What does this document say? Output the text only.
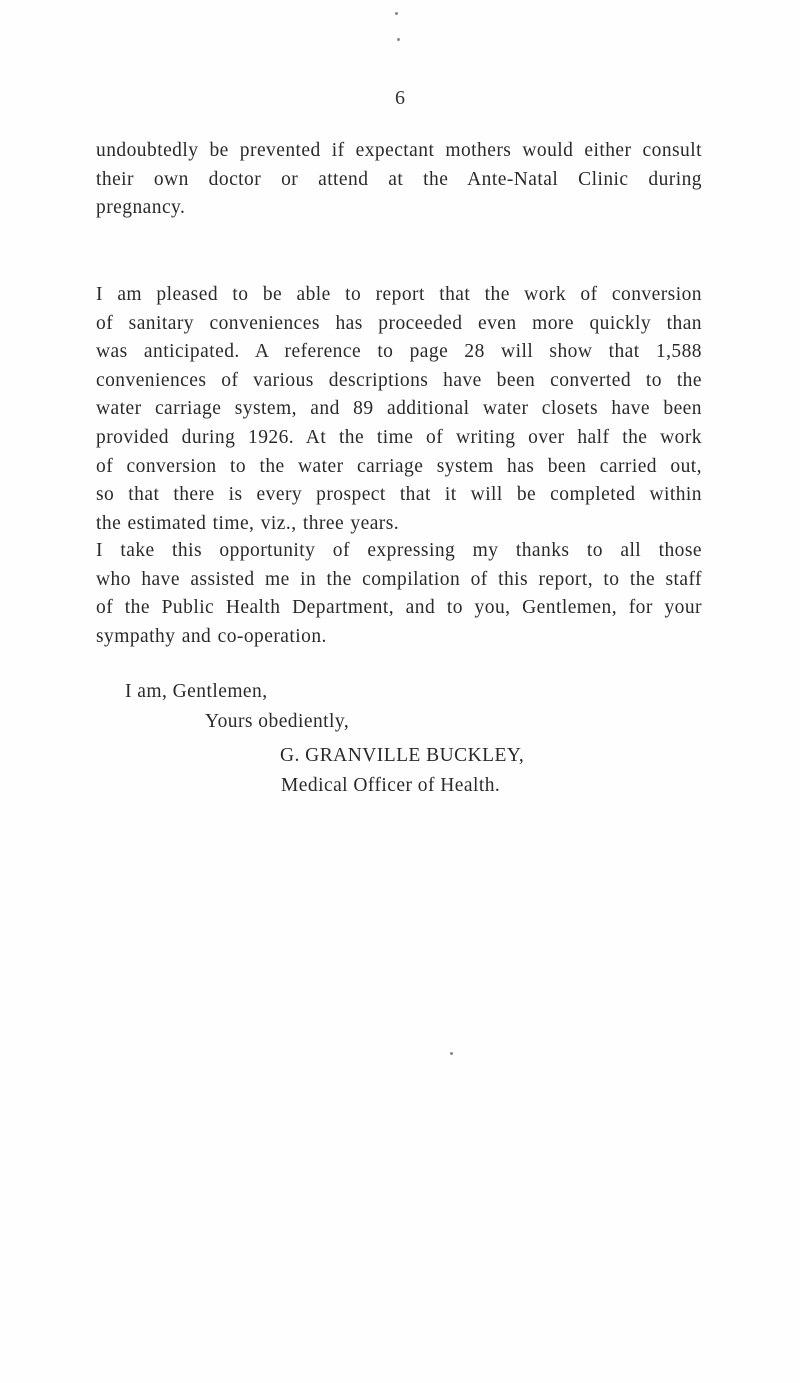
6
undoubtedly be prevented if expectant mothers would either consult
their own doctor or attend at the Ante-Natal Clinic during
pregnancy.
I am pleased to be able to report that the work of conversion
of sanitary conveniences has proceeded even more quickly than
was anticipated. A reference to page 28 will show that 1,588
conveniences of various descriptions have been converted to the
water carriage system, and 89 additional water closets have been
provided during 1926. At the time of writing over half the work
of conversion to the water carriage system has been carried out,
so that there is every prospect that it will be completed within
the estimated time, viz., three years.
I take this opportunity of expressing my thanks to all those
who have assisted me in the compilation of this report, to the staff
of the Public Health Department, and to you, Gentlemen, for your
sympathy and co-operation.
I am, Gentlemen,
Yours obediently,
G. GRANVILLE BUCKLEY,
Medical Officer of Health.
